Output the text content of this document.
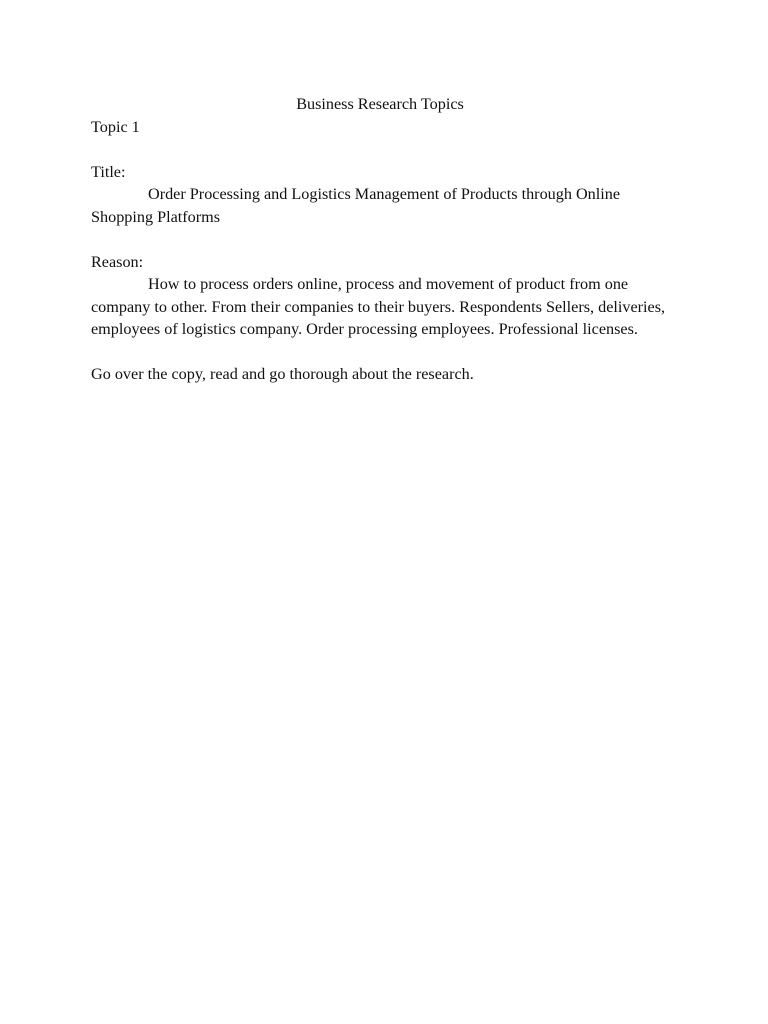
Business Research Topics

Topic 1

Title:

Order Processing and Logistics Management of Products through Online Shopping Platforms

Reason:

How to process orders online, process and movement of product from one company to other. From their companies to their buyers. Respondents Sellers, deliveries, employees of logistics company. Order processing employees. Professional licenses.

Go over the copy, read and go thorough about the research.
